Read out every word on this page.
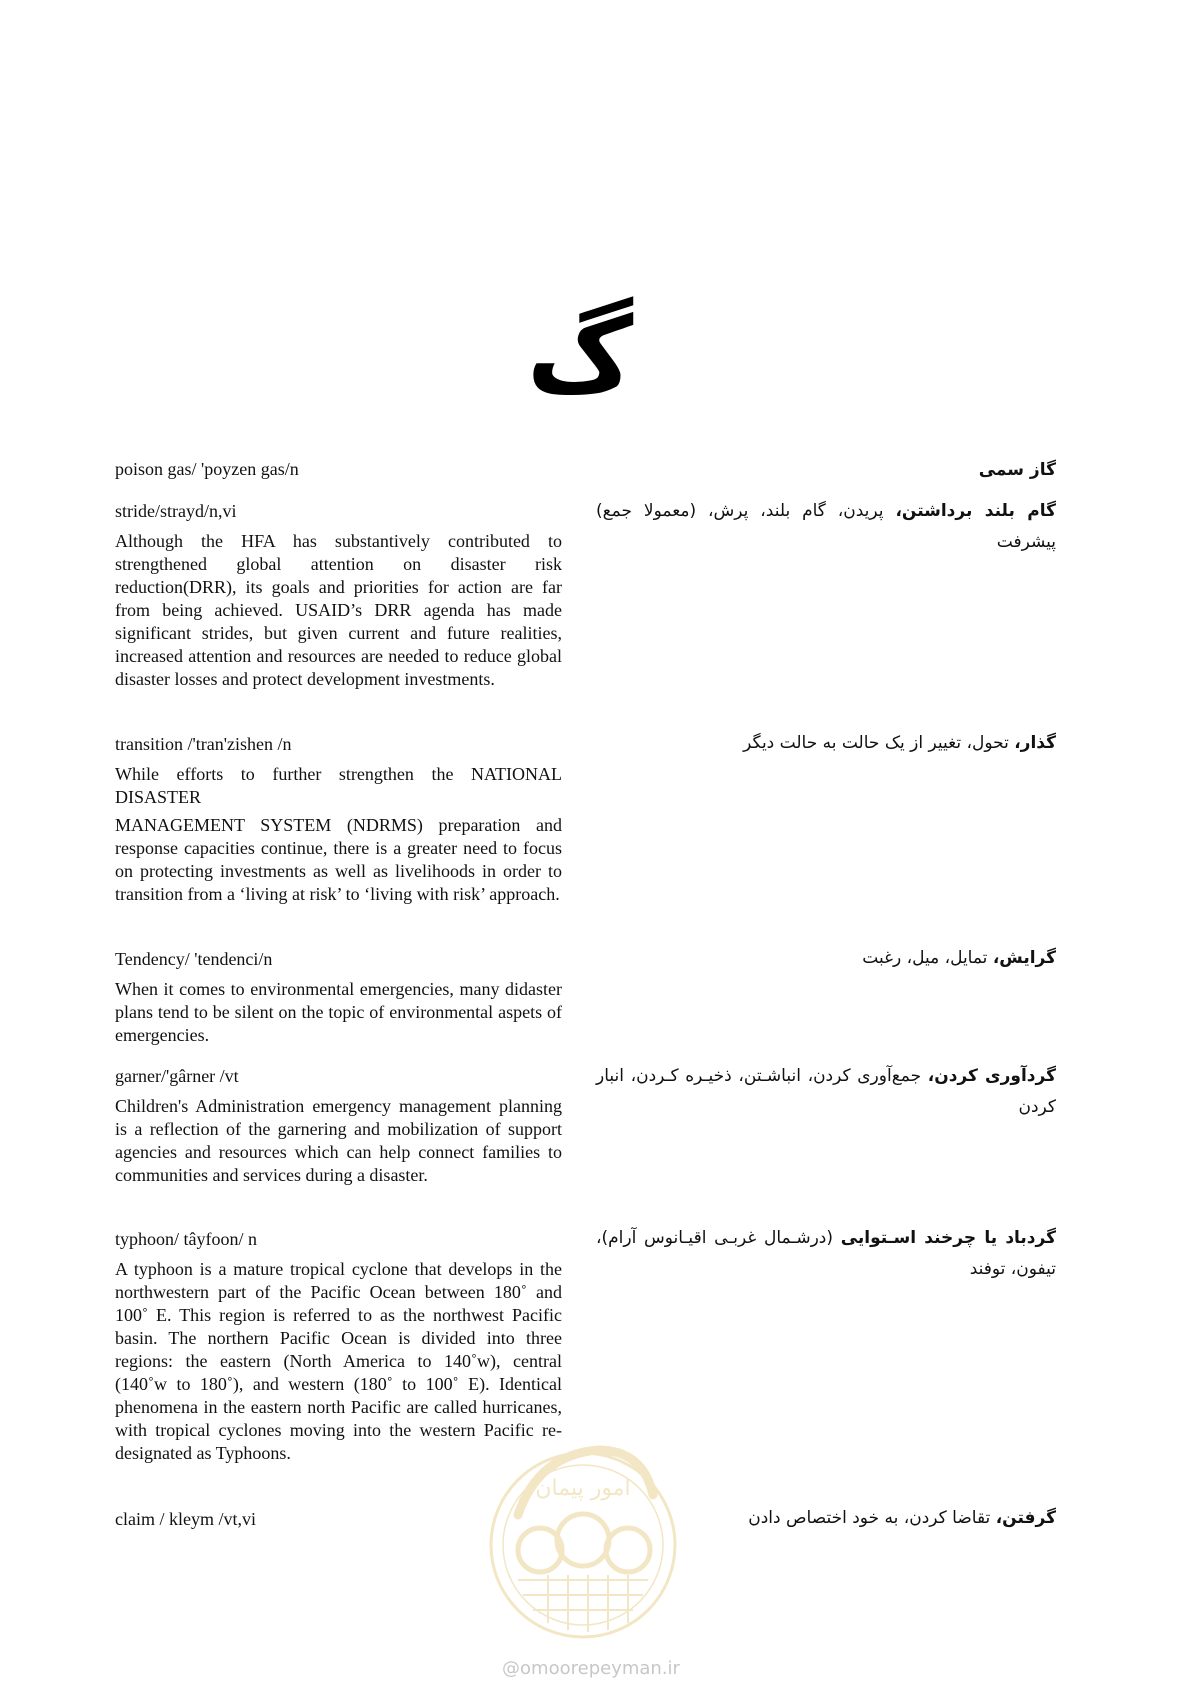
گ
poison gas/ 'poyzen gas/n	گاز سمی
stride/strayd/n,vi
Although the HFA has substantively contributed to strengthened global attention on disaster risk reduction(DRR), its goals and priorities for action are far from being achieved. USAID’s DRR agenda has made significant strides, but given current and future realities, increased attention and resources are needed to reduce global disaster losses and protect development investments.
گام بلند برداشتن، پریدن، گام بلند، پرش، (معمولا جمع) پیشرفت
transition /'tran'zishen /n
While efforts to further strengthen the NATIONAL DISASTER
MANAGEMENT SYSTEM (NDRMS) preparation and response capacities continue, there is a greater need to focus on protecting investments as well as livelihoods in order to transition from a ‘living at risk’ to ‘living with risk’ approach.
گذار، تحول، تغییر از یک حالت به حالت دیگر
Tendency/ 'tendenci/n
When it comes to environmental emergencies, many didaster plans tend to be silent on the topic of environmental aspets of emergencies.
گرایش، تمایل، میل، رغبت
garner/'gârner /vt
Children's Administration emergency management planning is a reflection of the garnering and mobilization of support agencies and resources which can help connect families to communities and services during a disaster.
گردآوری کردن، جمع‌آوری کردن، انباشـتن، ذخیـره کـردن، انبار کردن
typhoon/ tâyfoon/ n
A typhoon is a mature tropical cyclone that develops in the northwestern part of the Pacific Ocean between 180˚ and 100˚ E. This region is referred to as the northwest Pacific basin. The northern Pacific Ocean is divided into three regions: the eastern (North America to 140˚w), central (140˚w to 180˚), and western (180˚ to 100˚ E). Identical phenomena in the eastern north Pacific are called hurricanes, with tropical cyclones moving into the western Pacific re- designated as Typhoons.
گردباد یا چرخند اسـتوایی (درشـمال غربـی اقیـانوس آرام)، تیفون، توفند
claim / kleym /vt,vi	گرفتن، تقاضا کردن، به خود اختصاص دادن
امور پیمان
@omoorepeyman.ir
